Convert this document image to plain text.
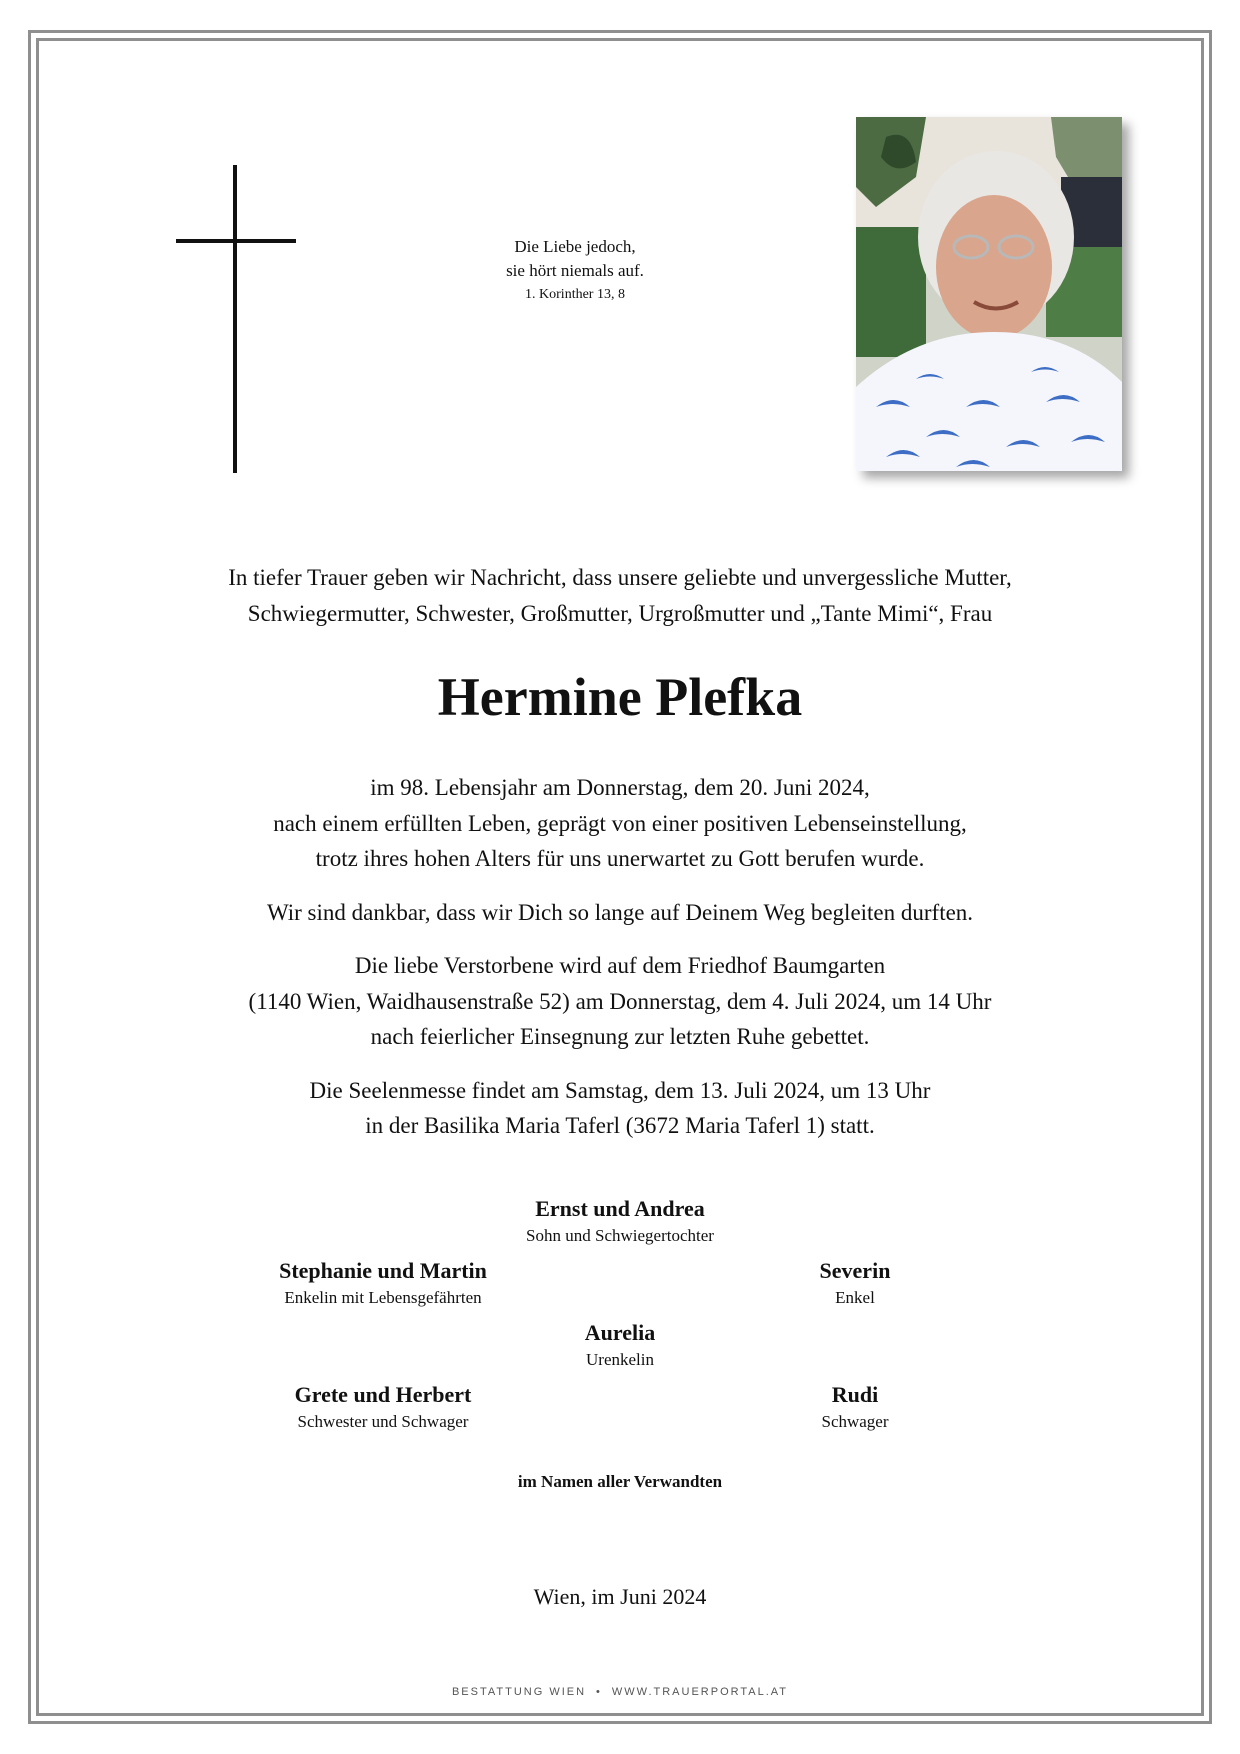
Die Liebe jedoch,
sie hört niemals auf.
1. Korinther 13, 8
In tiefer Trauer geben wir Nachricht, dass unsere geliebte und unvergessliche Mutter,
Schwiegermutter, Schwester, Großmutter, Urgroßmutter und „Tante Mimi“, Frau
Hermine Plefka

im 98. Lebensjahr am Donnerstag, dem 20. Juni 2024,
nach einem erfüllten Leben, geprägt von einer positiven Lebenseinstellung,
trotz ihres hohen Alters für uns unerwartet zu Gott berufen wurde.

Wir sind dankbar, dass wir Dich so lange auf Deinem Weg begleiten durften.

Die liebe Verstorbene wird auf dem Friedhof Baumgarten
(1140 Wien, Waidhausenstraße 52) am Donnerstag, dem 4. Juli 2024, um 14 Uhr
nach feierlicher Einsegnung zur letzten Ruhe gebettet.

Die Seelenmesse findet am Samstag, dem 13. Juli 2024, um 13 Uhr
in der Basilika Maria Taferl (3672 Maria Taferl 1) statt.

Ernst und Andrea
Sohn und Schwiegertochter
Stephanie und Martin
Enkelin mit Lebensgefährten
Severin
Enkel
Aurelia
Urenkelin
Grete und Herbert
Schwester und Schwager
Rudi
Schwager
im Namen aller Verwandten
Wien, im Juni 2024
BESTATTUNG WIEN • WWW.TRAUERPORTAL.AT
